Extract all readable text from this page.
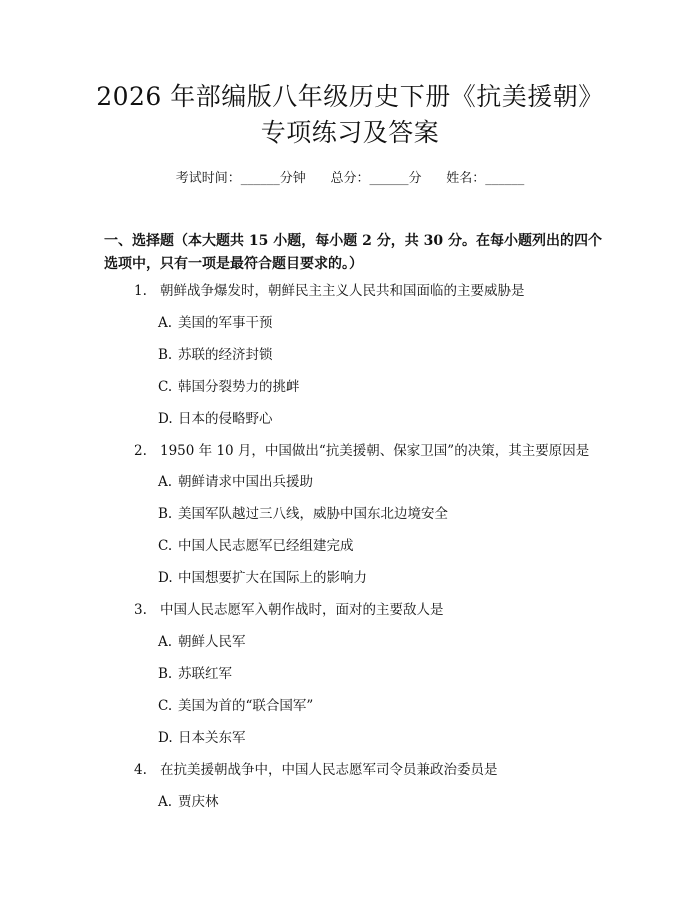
2026 年部编版八年级历史下册《抗美援朝》
专项练习及答案
考试时间：______分钟      总分：______分      姓名：______
一、选择题（本大题共 15 小题，每小题 2 分，共 30 分。在每小题列出的四个选项中，只有一项是最符合题目要求的。）
1. 朝鲜战争爆发时，朝鲜民主主义人民共和国面临的主要威胁是
A. 美国的军事干预
B. 苏联的经济封锁
C. 韩国分裂势力的挑衅
D. 日本的侵略野心
2. 1950 年 10 月，中国做出“抗美援朝、保家卫国”的决策，其主要原因是
A. 朝鲜请求中国出兵援助
B. 美国军队越过三八线，威胁中国东北边境安全
C. 中国人民志愿军已经组建完成
D. 中国想要扩大在国际上的影响力
3. 中国人民志愿军入朝作战时，面对的主要敌人是
A. 朝鲜人民军
B. 苏联红军
C. 美国为首的“联合国军”
D. 日本关东军
4. 在抗美援朝战争中，中国人民志愿军司令员兼政治委员是
A. 贾庆林
